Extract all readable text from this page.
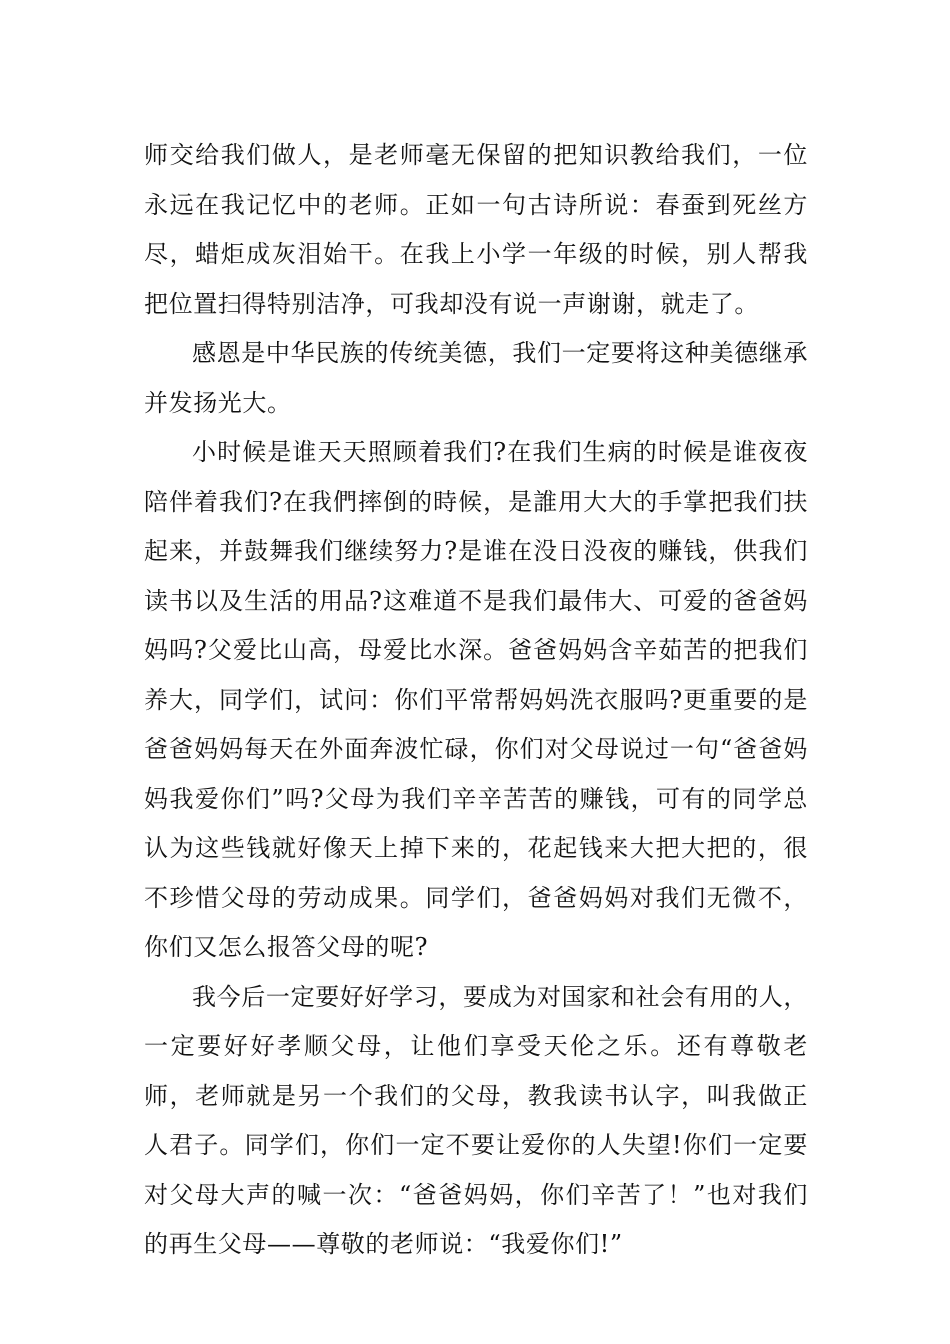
师交给我们做人，是老师毫无保留的把知识教给我们，一位永远在我记忆中的老师。正如一句古诗所说：春蚕到死丝方尽，蜡炬成灰泪始干。在我上小学一年级的时候，别人帮我把位置扫得特别洁净，可我却没有说一声谢谢，就走了。

感恩是中华民族的传统美德，我们一定要将这种美德继承并发扬光大。

小时候是谁天天照顾着我们?在我们生病的时候是谁夜夜陪伴着我们?在我們摔倒的時候，是誰用大大的手掌把我们扶起来，并鼓舞我们继续努力?是谁在没日没夜的赚钱，供我们读书以及生活的用品?这难道不是我们最伟大、可爱的爸爸妈妈吗?父爱比山高，母爱比水深。爸爸妈妈含辛茹苦的把我们养大，同学们，试问：你们平常帮妈妈洗衣服吗?更重要的是爸爸妈妈每天在外面奔波忙碌，你们对父母说过一句“爸爸妈妈我爱你们”吗?父母为我们辛辛苦苦的赚钱，可有的同学总认为这些钱就好像天上掉下来的，花起钱来大把大把的，很不珍惜父母的劳动成果。同学们，爸爸妈妈对我们无微不，你们又怎么报答父母的呢?

我今后一定要好好学习，要成为对国家和社会有用的人，一定要好好孝顺父母，让他们享受天伦之乐。还有尊敬老师，老师就是另一个我们的父母，教我读书认字，叫我做正人君子。同学们，你们一定不要让爱你的人失望!你们一定要对父母大声的喊一次：“爸爸妈妈，你们辛苦了！”也对我们的再生父母——尊敬的老师说：“我爱你们!”
